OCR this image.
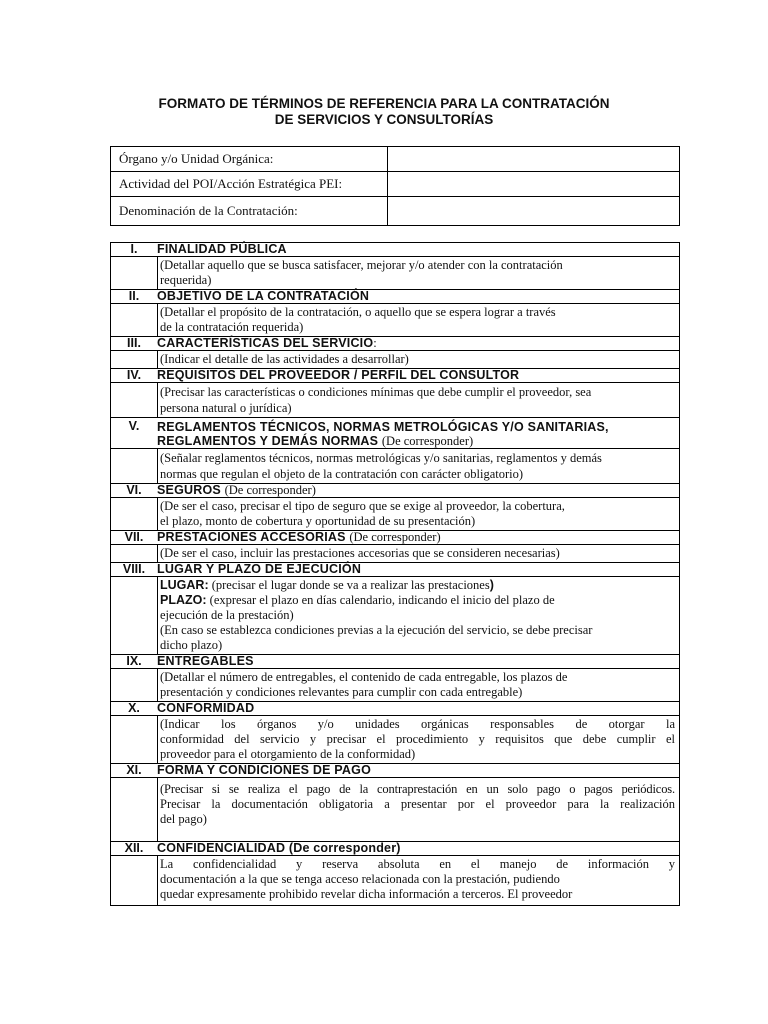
FORMATO DE TÉRMINOS DE REFERENCIA PARA LA CONTRATACIÓN
DE SERVICIOS Y CONSULTORÍAS
Órgano y/o Unidad Orgánica:
Actividad del POI/Acción Estratégica PEI:
Denominación de la Contratación:
I.	FINALIDAD PÚBLICA
(Detallar aquello que se busca satisfacer, mejorar y/o atender con la contratación
requerida)
II.	OBJETIVO DE LA CONTRATACIÓN
(Detallar el propósito de la contratación, o aquello que se espera lograr a través
de la contratación requerida)
III.	CARACTERÍSTICAS DEL SERVICIO:
(Indicar el detalle de las actividades a desarrollar)
IV.	REQUISITOS DEL PROVEEDOR / PERFIL DEL CONSULTOR
(Precisar las características o condiciones mínimas que debe cumplir el proveedor, sea
persona natural o jurídica)
V.	REGLAMENTOS TÉCNICOS, NORMAS METROLÓGICAS Y/O SANITARIAS,
REGLAMENTOS Y DEMÁS NORMAS (De corresponder)
(Señalar reglamentos técnicos, normas metrológicas y/o sanitarias, reglamentos y demás
normas que regulan el objeto de la contratación con carácter obligatorio)
VI.	SEGUROS (De corresponder)
(De ser el caso, precisar el tipo de seguro que se exige al proveedor, la cobertura,
el plazo, monto de cobertura y oportunidad de su presentación)
VII.	PRESTACIONES ACCESORIAS (De corresponder)
(De ser el caso, incluir las prestaciones accesorias que se consideren necesarias)
VIII. LUGAR Y PLAZO DE EJECUCIÓN
LUGAR: (precisar el lugar donde se va a realizar las prestaciones)
PLAZO: (expresar el plazo en días calendario, indicando el inicio del plazo de
ejecución de la prestación)
(En caso se establezca condiciones previas a la ejecución del servicio, se debe precisar
dicho plazo)
IX.	ENTREGABLES
(Detallar el número de entregables, el contenido de cada entregable, los plazos de
presentación y condiciones relevantes para cumplir con cada entregable)
X.	CONFORMIDAD
(Indicar los órganos y/o unidades orgánicas responsables de otorgar la
conformidad del servicio y precisar el procedimiento y requisitos que debe cumplir el
proveedor para el otorgamiento de la conformidad)
XI.	FORMA Y CONDICIONES DE PAGO
(Precisar si se realiza el pago de la contraprestación en un solo pago o pagos periódicos.
Precisar la documentación obligatoria a presentar por el proveedor para la realización
del pago)
XII.	CONFIDENCIALIDAD (De corresponder)
La confidencialidad y reserva absoluta en el manejo de información y
documentación a la que se tenga acceso relacionada con la prestación, pudiendo
quedar expresamente prohibido revelar dicha información a terceros. El proveedor
